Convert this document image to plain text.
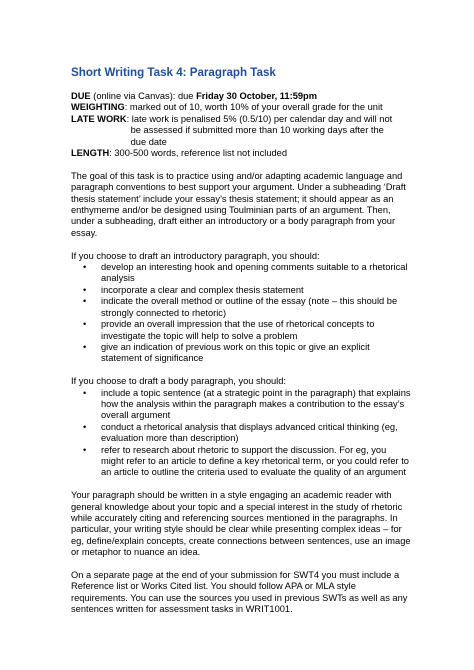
Short Writing Task 4: Paragraph Task
DUE (online via Canvas): due Friday 30 October, 11:59pm
WEIGHTING: marked out of 10, worth 10% of your overall grade for the unit
LATE WORK : late work is penalised 5% (0.5/10) per calendar day and will not
be assessed if submitted more than 10 working days after the
due date
LENGTH: 300-500 words, reference list not included

The goal of this task is to practice using and/or adapting academic language and paragraph conventions to best support your argument. Under a subheading ‘Draft thesis statement’ include your essay’s thesis statement; it should appear as an enthymeme and/or be designed using Toulminian parts of an argument. Then, under a subheading, draft either an introductory or a body paragraph from your essay.

If you choose to draft an introductory paragraph, you should:

• develop an interesting hook and opening comments suitable to a rhetorical analysis
• incorporate a clear and complex thesis statement
• indicate the overall method or outline of the essay (note – this should be strongly connected to rhetoric)
• provide an overall impression that the use of rhetorical concepts to investigate the topic will help to solve a problem
• give an indication of previous work on this topic or give an explicit statement of significance

If you choose to draft a body paragraph, you should:

• include a topic sentence (at a strategic point in the paragraph) that explains how the analysis within the paragraph makes a contribution to the essay’s overall argument
• conduct a rhetorical analysis that displays advanced critical thinking (eg, evaluation more than description)
• refer to research about rhetoric to support the discussion. For eg, you might refer to an article to define a key rhetorical term, or you could refer to an article to outline the criteria used to evaluate the quality of an argument

Your paragraph should be written in a style engaging an academic reader with general knowledge about your topic and a special interest in the study of rhetoric while accurately citing and referencing sources mentioned in the paragraphs. In particular, your writing style should be clear while presenting complex ideas – for eg, define/explain concepts, create connections between sentences, use an image or metaphor to nuance an idea.

On a separate page at the end of your submission for SWT4 you must include a Reference list or Works Cited list. You should follow APA or MLA style requirements. You can use the sources you used in previous SWTs as well as any sentences written for assessment tasks in WRIT1001.
